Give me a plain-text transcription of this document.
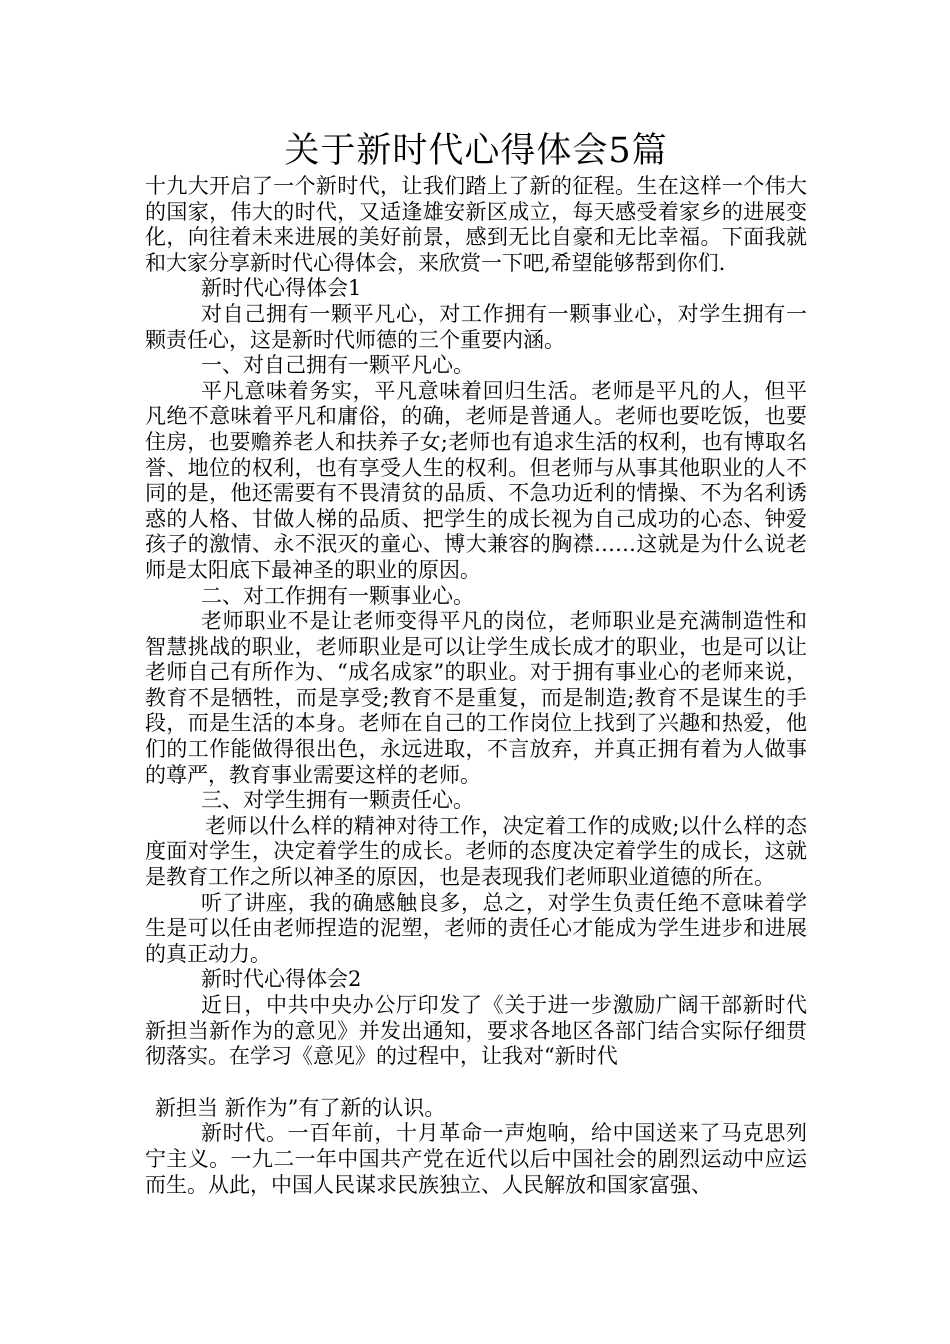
关于新时代心得体会5篇

十九大开启了一个新时代，让我们踏上了新的征程。生在这样一个伟大的国家，伟大的时代，又适逢雄安新区成立，每天感受着家乡的进展变化，向往着未来进展的美好前景，感到无比自豪和无比幸福。下面我就和大家分享新时代心得体会，来欣赏一下吧,希望能够帮到你们.

新时代心得体会1

对自己拥有一颗平凡心，对工作拥有一颗事业心，对学生拥有一颗责任心，这是新时代师德的三个重要内涵。

一、对自己拥有一颗平凡心。

平凡意味着务实，平凡意味着回归生活。老师是平凡的人，但平凡绝不意味着平凡和庸俗，的确，老师是普通人。老师也要吃饭，也要住房，也要赡养老人和扶养子女;老师也有追求生活的权利，也有博取名誉、地位的权利，也有享受人生的权利。但老师与从事其他职业的人不同的是，他还需要有不畏清贫的品质、不急功近利的情操、不为名利诱惑的人格、甘做人梯的品质、把学生的成长视为自己成功的心态、钟爱孩子的激情、永不泯灭的童心、博大兼容的胸襟……这就是为什么说老师是太阳底下最神圣的职业的原因。

二、对工作拥有一颗事业心。

老师职业不是让老师变得平凡的岗位，老师职业是充满制造性和智慧挑战的职业，老师职业是可以让学生成长成才的职业，也是可以让老师自己有所作为、“成名成家”的职业。对于拥有事业心的老师来说，教育不是牺牲，而是享受;教育不是重复，而是制造;教育不是谋生的手段，而是生活的本身。老师在自己的工作岗位上找到了兴趣和热爱，他们的工作能做得很出色，永远进取，不言放弃，并真正拥有着为人做事的尊严，教育事业需要这样的老师。

三、对学生拥有一颗责任心。

老师以什么样的精神对待工作，决定着工作的成败;以什么样的态度面对学生，决定着学生的成长。老师的态度决定着学生的成长，这就是教育工作之所以神圣的原因，也是表现我们老师职业道德的所在。

听了讲座，我的确感触良多，总之，对学生负责任绝不意味着学生是可以任由老师捏造的泥塑，老师的责任心才能成为学生进步和进展的真正动力。

新时代心得体会2

近日，中共中央办公厅印发了《关于进一步激励广阔干部新时代新担当新作为的意见》并发出通知，要求各地区各部门结合实际仔细贯彻落实。在学习《意见》的过程中，让我对“新时代

新担当 新作为”有了新的认识。

新时代。一百年前，十月革命一声炮响，给中国送来了马克思列宁主义。一九二一年中国共产党在近代以后中国社会的剧烈运动中应运而生。从此，中国人民谋求民族独立、人民解放和国家富强、
